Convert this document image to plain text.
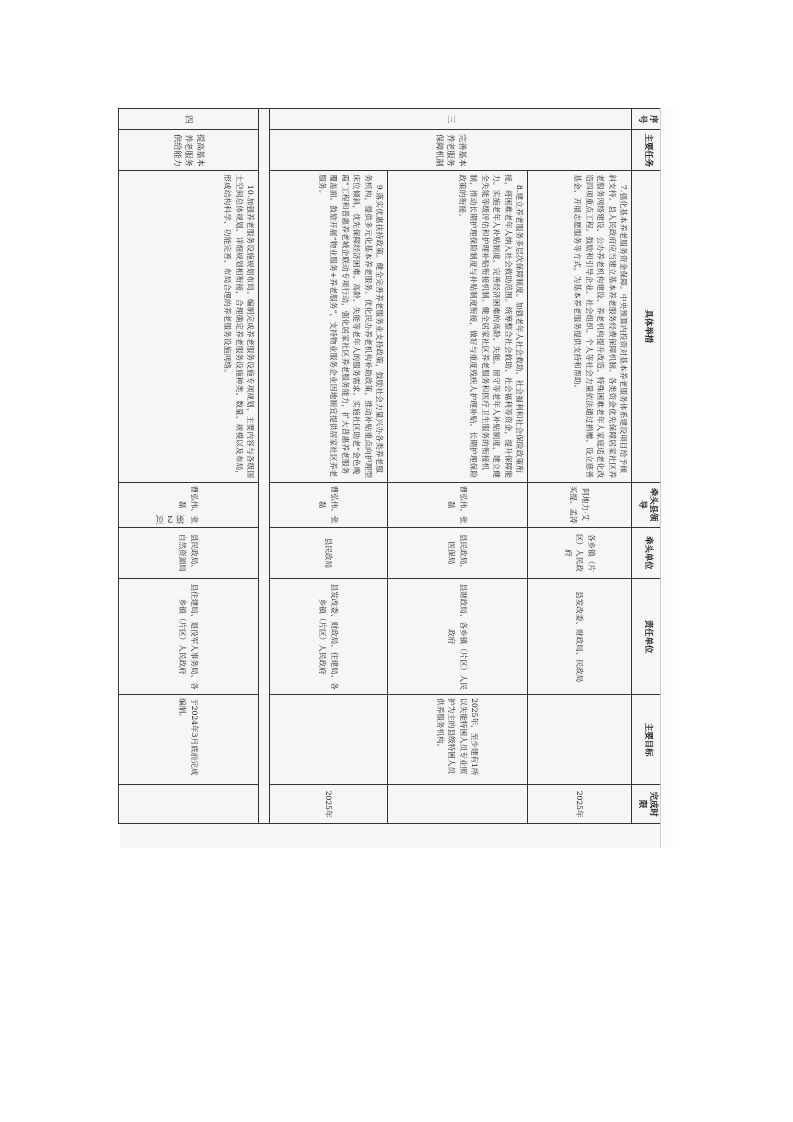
序号	主要任务	具体举措	牵头县领导	牵头单位	责任单位	主要目标	完成时限
三	完善基本养老服务保障机制	7.强化基本养老服务资金保障。中央预算内投资对基本养老服务体系建设项目给予倾斜支持。县人民政府应当建立基本养老服务经费保障机制。各类资金优先保障居家社区养老服务网络建设、公办养老机构建设、养老机构提升改造、特殊困难老年人家庭适老化改造四项重点工程。鼓励和引导企业、社会组织、个人等社会力量依法通过捐赠、设立慈善基金、开展志愿服务等方式，为基本养老服务提供支持和帮助。	阿地力·艾买提、孟涛	各乡镇（片区）人民政府	县发改委、财政局、民政局		2025年
		8.建立养老服务多层次保障制度。加强老年人社会救助、社会福利和社会保险政策衔接，将困难老年人纳入社会救助范围。统筹整合社会救助、社会福利等资金，提升保障能力。实施老年人补贴制度，完善经济困难的高龄、失能、留守等老年人补贴制度，建立健全失能等级评估和护理补贴衔接机制。健全居家社区养老服务和医疗卫生服务的衔接机制，推动长期护理保险制度与补贴制度衔接，做好与重度残疾人护理补贴、长期护理保险政策的衔接。	曹弘伟、张磊	县民政局、医保局	县财政局、各乡镇（片区）人民政府	2025年，至少建有1所以失能特困人员专业照护为主的县级特困人员供养服务机构。	
		9.落实优惠扶持政策。健全完善养老服务业支持政策，鼓励社会力量兴办各类养老服务机构，提供多元化基本养老服务。优化民办养老机构补助政策，推动补贴重点向护理型床位倾斜，优先保障经济困难、高龄、失能等老年人的服务需求。实施社区助老“金色晚霞”工程和普惠养老城企联动专项行动，强化居家社区养老服务能力，扩大普惠养老服务覆盖面。鼓励开展“物业服务+养老服务”，支持物业服务企业因地制宜提供居家社区养老服务。	曹弘伟、张磊	县民政局	县发改委、财政局、住建局、各乡镇（片区）人民政府		2025年

四	提高基本养老服务供给能力	10.加强养老服务设施规划布局。编制完成养老服务设施专项规划，主要内容与各级国土空间总体规划、详细规划相衔接，合理确定养老服务设施种类、数量、规模以及布局，形成结构科学、功能完善、布局合理的养老服务设施网络。	曹弘伟、张磊	县民政局、自然资源局	县住建局、退役军人事务局、各乡镇（片区）人民政府	于2024年3月底前完成编制。	
第 2 页
